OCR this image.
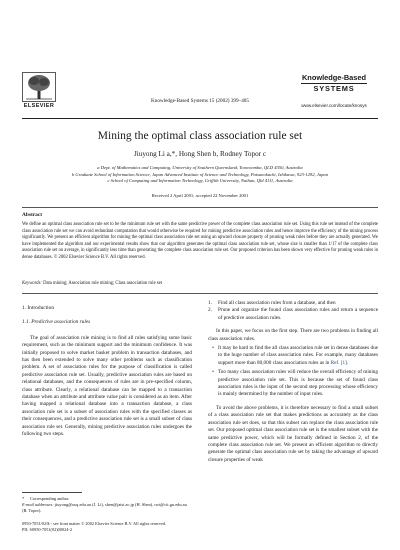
ELSEVIER
Knowledge-Based Systems 15 (2002) 399–405
Knowledge-Based
SYSTEMS
www.elsevier.com/locate/knosys
Mining the optimal class association rule set
Jiuyong Li a,*, Hong Shen b, Rodney Topor c
a Dept. of Mathematics and Computing, University of Southern Queensland, Toowoomba, QLD 4350, Australia
b Graduate School of Information Science, Japan Advanced Institute of Science and Technology, Patsunokuchi, Ishikawa, 923-1292, Japan
c School of Computing and Information Technology, Griffith University, Nathan, Qld 4111, Australia
Received 2 April 2001; accepted 22 November 2001
Abstract
We define an optimal class association rule set to be the minimum rule set with the same predictive power of the complete class association rule set. Using this rule set instead of the complete class association rule set we can avoid redundant computation that would otherwise be required for mining predictive association rules and hence improve the efficiency of the mining process significantly. We present an efficient algorithm for mining the optimal class association rule set using an upward closure property of pruning weak rules before they are actually generated. We have implemented the algorithm and our experimental results show that our algorithm generates the optimal class association rule set, whose size is smaller than 1/17 of the complete class association rule set on average, in significantly less time than generating the complete class association rule set. Our proposed criterion has been shown very effective for pruning weak rules in dense databases. © 2002 Elsevier Science B.V. All rights reserved.
Keywords: Data mining; Association rule mining; Class association rule set
1. Introduction
1.1. Predictive association rules
The goal of association rule mining is to find all rules satisfying some basic requirement, such as the minimum support and the minimum confidence. It was initially proposed to solve market basket problem in transaction databases, and has then been extended to solve many other problems such as classification problem. A set of association rules for the purpose of classification is called predictive association rule set. Usually, predictive association rules are based on relational databases, and the consequences of rules are in pre-specified column, class attribute. Clearly, a relational database can be mapped to a transaction database when an attribute and attribute value pair is considered as an item. After having mapped a relational database into a transaction database, a class association rule set is a subset of association rules with the specified classes as their consequences, and a predictive association rule set is a small subset of class association rule set. Generally, mining predictive association rules undergoes the following two steps.
1.	Find all class association rules from a database, and then
2.	Prune and organize the found class association rules and return a sequence of predictive association rules.
In this paper, we focus on the first step. There are two problems in finding all class association rules.
• It may be hard to find the all class association rule set in dense databases due to the huge number of class association rules. For example, many databases support more than 80,000 class association rules as in Ref. [1].
• Too many class association rules will reduce the overall efficiency of mining predictive association rule set. This is because the set of found class association rules is the input of the second step processing whose efficiency is mainly determined by the number of input rules.
To avoid the above problems, it is therefore necessary to find a small subset of a class association rule set that makes predictions as accurately as the class association rule set does, so that this subset can replace the class association rule set. Our proposed optimal class association rule set is the smallest subset with the same predictive power, which will be formally defined in Section 2, of the complete class association rule set. We present an efficient algorithm to directly generate the optimal class association rule set by taking the advantage of upward closure properties of weak
* Corresponding author.
E-mail addresses: jiuyong@usq.edu.au (J. Li), shen@jaist.ac.jp (H. Shen), rwt@cit.gu.edu.au (R. Topor).
0950-7051/02/$ - see front matter © 2002 Elsevier Science B.V. All rights reserved.
PII: S0950-7051(02)00024-2
